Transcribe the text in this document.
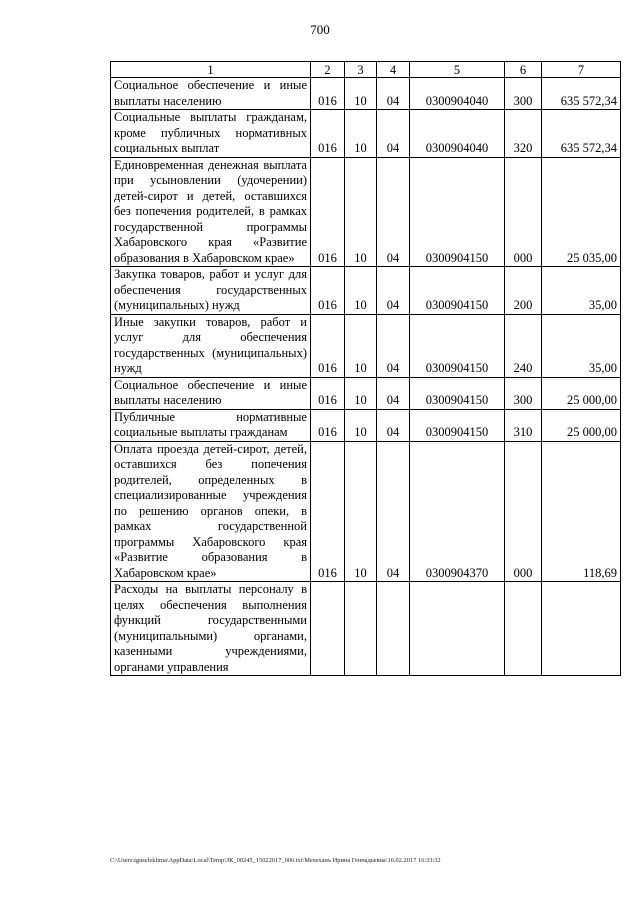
700
1	2	3	4	5	6	7
Социальное обеспечение и иные выплаты населению	016	10	04	0300904040	300	635 572,34
Социальные выплаты гражданам, кроме публичных нормативных социальных выплат	016	10	04	0300904040	320	635 572,34
Единовременная денежная выплата при усыновлении (удочерении) детей-сирот и детей, оставшихся без попечения родителей, в рамках государственной программы Хабаровского края «Развитие образования в Хабаровском крае»	016	10	04	0300904150	000	25 035,00
Закупка товаров, работ и услуг для обеспечения государственных (муниципальных) нужд	016	10	04	0300904150	200	35,00
Иные закупки товаров, работ и услуг для обеспечения государственных (муниципальных) нужд	016	10	04	0300904150	240	35,00
Социальное обеспечение и иные выплаты населению	016	10	04	0300904150	300	25 000,00
Публичные нормативные социальные выплаты гражданам	016	10	04	0300904150	310	25 000,00
Оплата проезда детей-сирот, детей, оставшихся без попечения родителей, определенных в специализированные учреждения по решению органов опеки, в рамках государственной программы Хабаровского края «Развитие образования в Хабаровском крае»	016	10	04	0300904370	000	118,69
Расходы на выплаты персоналу в целях обеспечения выполнения функций государственными (муниципальными) органами, казенными учреждениями, органами управления						
C:\Users\iguseleklima\AppData\Local\Temp\ЗК_00245_15022017_006.txt\Мехеханъ Ирина Геннадьевна\16.02.2017 16:33:32
